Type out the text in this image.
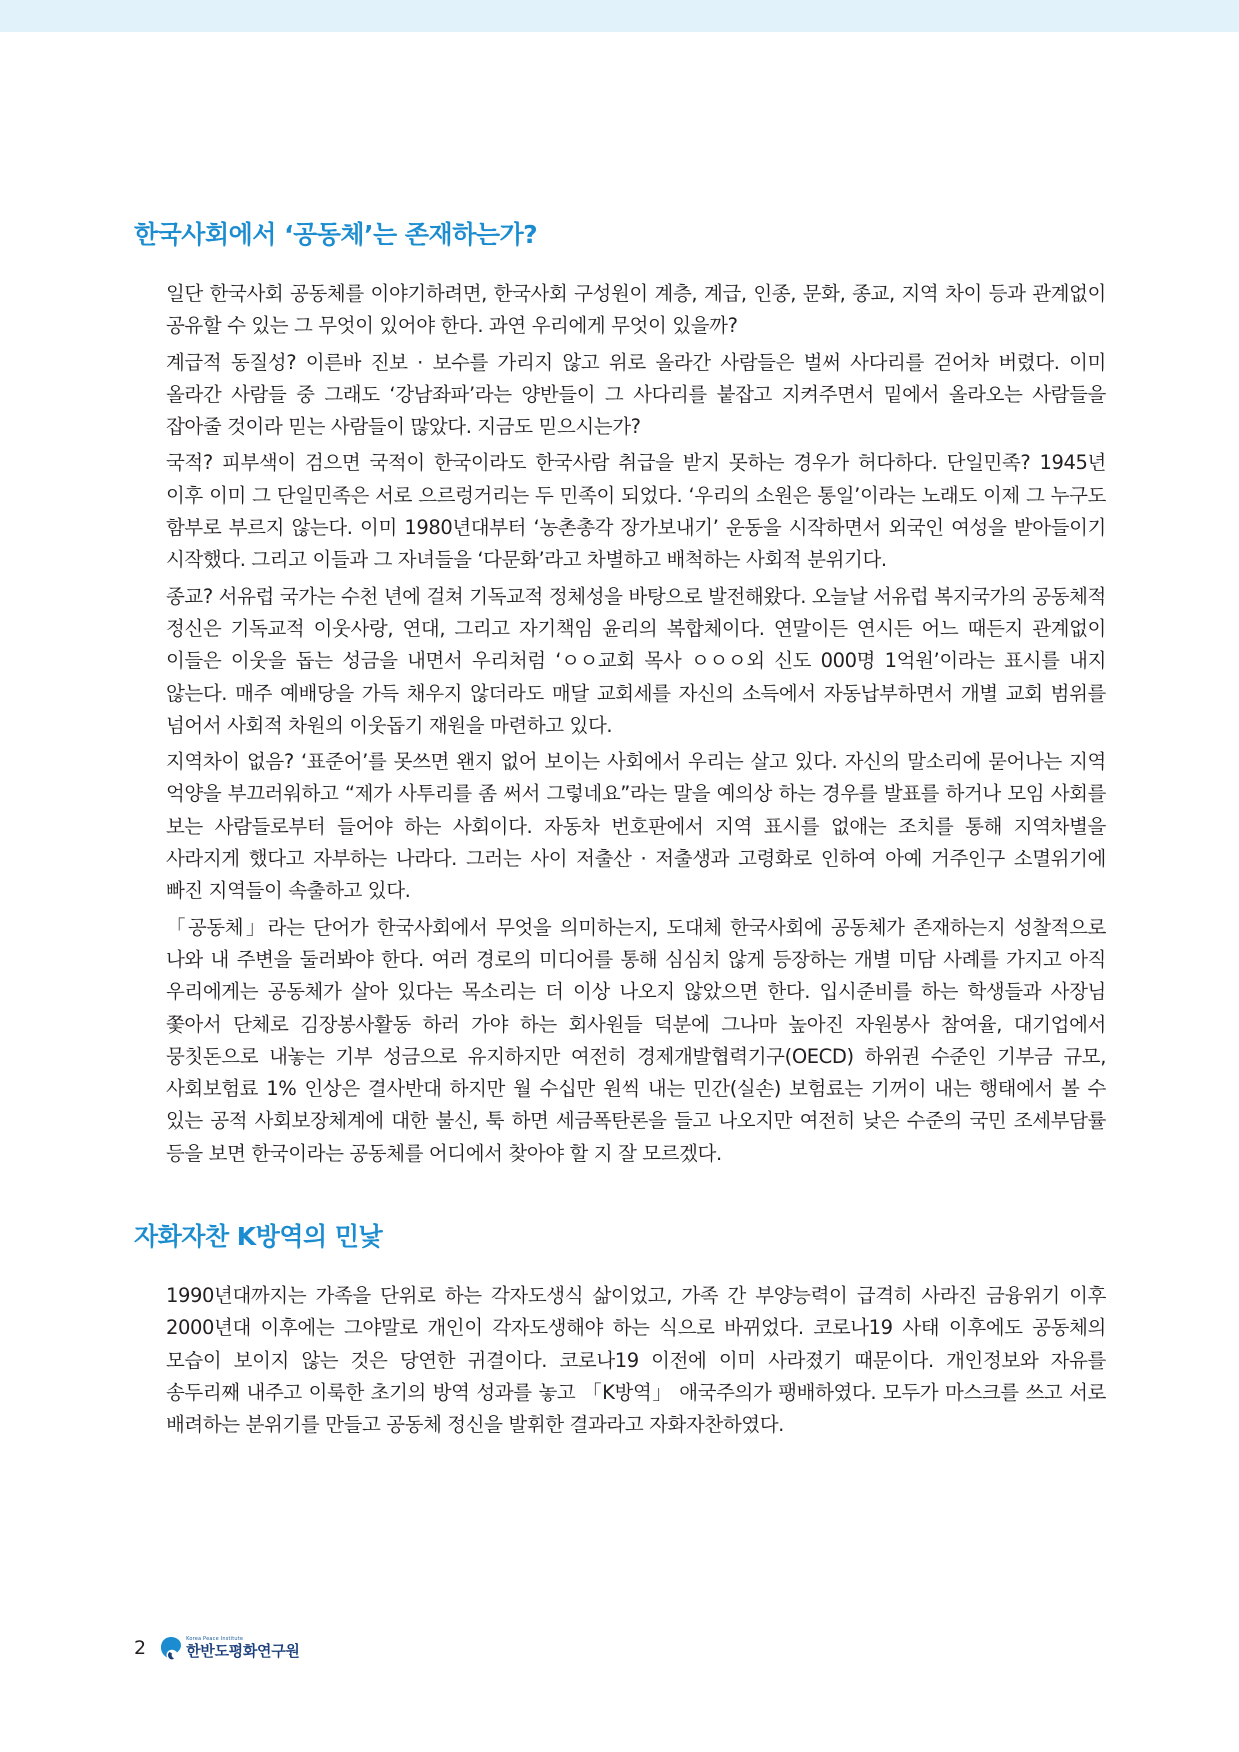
한국사회에서 ‘공동체’는 존재하는가?

일단 한국사회 공동체를 이야기하려면, 한국사회 구성원이 계층, 계급, 인종, 문화, 종교, 지역 차이 등과 관계없이 공유할 수 있는 그 무엇이 있어야 한다. 과연 우리에게 무엇이 있을까?

계급적 동질성? 이른바 진보 · 보수를 가리지 않고 위로 올라간 사람들은 벌써 사다리를 걷어차 버렸다. 이미 올라간 사람들 중 그래도 ‘강남좌파’라는 양반들이 그 사다리를 붙잡고 지켜주면서 밑에서 올라오는 사람들을 잡아줄 것이라 믿는 사람들이 많았다. 지금도 믿으시는가?

국적? 피부색이 검으면 국적이 한국이라도 한국사람 취급을 받지 못하는 경우가 허다하다. 단일민족? 1945년 이후 이미 그 단일민족은 서로 으르렁거리는 두 민족이 되었다. ‘우리의 소원은 통일’이라는 노래도 이제 그 누구도 함부로 부르지 않는다. 이미 1980년대부터 ‘농촌총각 장가보내기’ 운동을 시작하면서 외국인 여성을 받아들이기 시작했다. 그리고 이들과 그 자녀들을 ‘다문화’라고 차별하고 배척하는 사회적 분위기다.

종교? 서유럽 국가는 수천 년에 걸쳐 기독교적 정체성을 바탕으로 발전해왔다. 오늘날 서유럽 복지국가의 공동체적 정신은 기독교적 이웃사랑, 연대, 그리고 자기책임 윤리의 복합체이다. 연말이든 연시든 어느 때든지 관계없이 이들은 이웃을 돕는 성금을 내면서 우리처럼 ‘ㅇㅇ교회 목사 ㅇㅇㅇ외 신도 000명 1억원’이라는 표시를 내지 않는다. 매주 예배당을 가득 채우지 않더라도 매달 교회세를 자신의 소득에서 자동납부하면서 개별 교회 범위를 넘어서 사회적 차원의 이웃돕기 재원을 마련하고 있다.

지역차이 없음? ‘표준어’를 못쓰면 왠지 없어 보이는 사회에서 우리는 살고 있다. 자신의 말소리에 묻어나는 지역 억양을 부끄러워하고 “제가 사투리를 좀 써서 그렇네요”라는 말을 예의상 하는 경우를 발표를 하거나 모임 사회를 보는 사람들로부터 들어야 하는 사회이다. 자동차 번호판에서 지역 표시를 없애는 조치를 통해 지역차별을 사라지게 했다고 자부하는 나라다. 그러는 사이 저출산 · 저출생과 고령화로 인하여 아예 거주인구 소멸위기에 빠진 지역들이 속출하고 있다.

「공동체」라는 단어가 한국사회에서 무엇을 의미하는지, 도대체 한국사회에 공동체가 존재하는지 성찰적으로 나와 내 주변을 둘러봐야 한다. 여러 경로의 미디어를 통해 심심치 않게 등장하는 개별 미담 사례를 가지고 아직 우리에게는 공동체가 살아 있다는 목소리는 더 이상 나오지 않았으면 한다. 입시준비를 하는 학생들과 사장님 쫓아서 단체로 김장봉사활동 하러 가야 하는 회사원들 덕분에 그나마 높아진 자원봉사 참여율, 대기업에서 뭉칫돈으로 내놓는 기부 성금으로 유지하지만 여전히 경제개발협력기구(OECD) 하위권 수준인 기부금 규모, 사회보험료 1% 인상은 결사반대 하지만 월 수십만 원씩 내는 민간(실손) 보험료는 기꺼이 내는 행태에서 볼 수 있는 공적 사회보장체계에 대한 불신, 툭 하면 세금폭탄론을 들고 나오지만 여전히 낮은 수준의 국민 조세부담률 등을 보면 한국이라는 공동체를 어디에서 찾아야 할 지 잘 모르겠다.

자화자찬 K방역의 민낯

1990년대까지는 가족을 단위로 하는 각자도생식 삶이었고, 가족 간 부양능력이 급격히 사라진 금융위기 이후 2000년대 이후에는 그야말로 개인이 각자도생해야 하는 식으로 바뀌었다. 코로나19 사태 이후에도 공동체의 모습이 보이지 않는 것은 당연한 귀결이다. 코로나19 이전에 이미 사라졌기 때문이다. 개인정보와 자유를 송두리째 내주고 이룩한 초기의 방역 성과를 놓고 「K방역」 애국주의가 팽배하였다. 모두가 마스크를 쓰고 서로 배려하는 분위기를 만들고 공동체 정신을 발휘한 결과라고 자화자찬하였다.

2	Korea Peace Institute
한반도평화연구원
